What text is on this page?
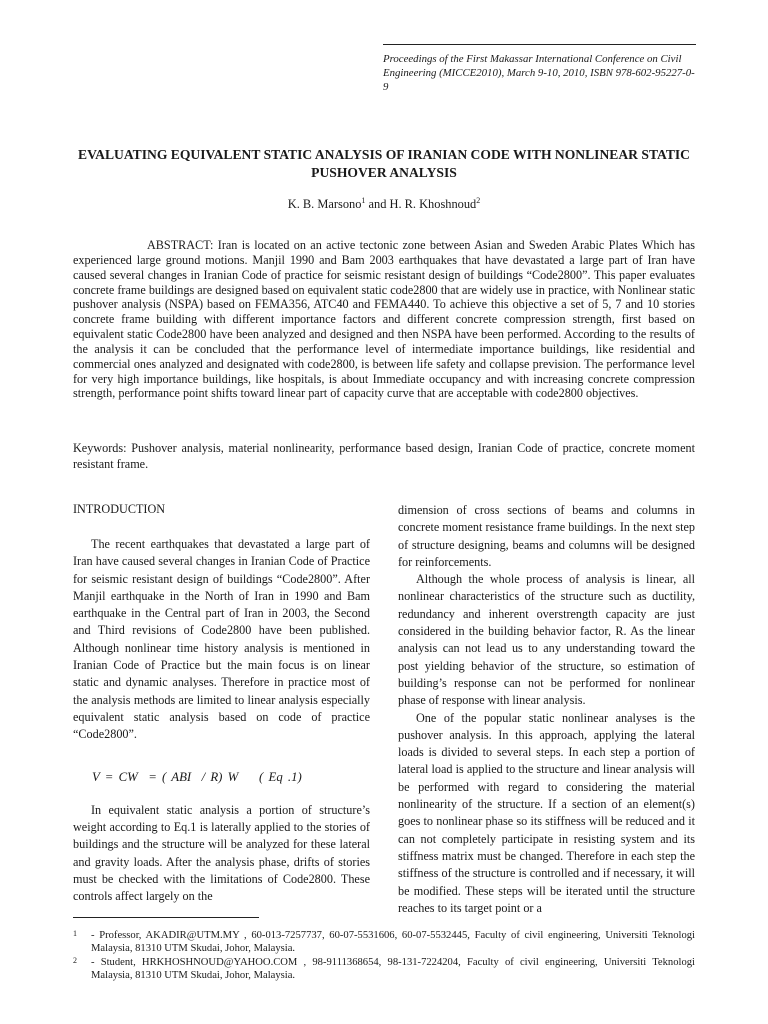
Proceedings of the First Makassar International Conference on Civil Engineering (MICCE2010), March 9-10, 2010, ISBN 978-602-95227-0-9
EVALUATING EQUIVALENT STATIC ANALYSIS OF IRANIAN CODE WITH NONLINEAR STATIC PUSHOVER ANALYSIS
K. B. Marsono$^1$ and H. R. Khoshnoud$^2$
ABSTRACT: Iran is located on an active tectonic zone between Asian and Sweden Arabic Plates Which has experienced large ground motions. Manjil 1990 and Bam 2003 earthquakes that have devastated a large part of Iran have caused several changes in Iranian Code of practice for seismic resistant design of buildings “Code2800”. This paper evaluates concrete frame buildings are designed based on equivalent static code2800 that are widely use in practice, with Nonlinear static pushover analysis (NSPA) based on FEMA356, ATC40 and FEMA440. To achieve this objective a set of 5, 7 and 10 stories concrete frame building with different importance factors and different concrete compression strength, first based on equivalent static Code2800 have been analyzed and designed and then NSPA have been performed. According to the results of the analysis it can be concluded that the performance level of intermediate importance buildings, like residential and commercial ones analyzed and designated with code2800, is between life safety and collapse prevision. The performance level for very high importance buildings, like hospitals, is about Immediate occupancy and with increasing concrete compression strength, performance point shifts toward linear part of capacity curve that are acceptable with code2800 objectives.
Keywords: Pushover analysis, material nonlinearity, performance based design, Iranian Code of practice, concrete moment resistant frame.
INTRODUCTION

The recent earthquakes that devastated a large part of Iran have caused several changes in Iranian Code of Practice for seismic resistant design of buildings “Code2800”. After Manjil earthquake in the North of Iran in 1990 and Bam earthquake in the Central part of Iran in 2003, the Second and Third revisions of Code2800 have been published. Although nonlinear time history analysis is mentioned in Iranian Code of Practice but the main focus is on linear static and dynamic analyses. Therefore in practice most of the analysis methods are limited to linear analysis especially equivalent static analysis based on code of practice “Code2800”.

V = CW  = ( ABI  / R) W    ( Eq .1)
In equivalent static analysis a portion of structure’s weight according to Eq.1 is laterally applied to the stories of buildings and the structure will be analyzed for these lateral and gravity loads. After the analysis phase, drifts of stories must be checked with the limitations of Code2800. These controls affect largely on the

dimension of cross sections of beams and columns in concrete moment resistance frame buildings. In the next step of structure designing, beams and columns will be designed for reinforcements.

Although the whole process of analysis is linear, all nonlinear characteristics of the structure such as ductility, redundancy and inherent overstrength capacity are just considered in the building behavior factor, R. As the linear analysis can not lead us to any understanding toward the post yielding behavior of the structure, so estimation of building’s response can not be performed for nonlinear phase of response with linear analysis.

One of the popular static nonlinear analyses is the pushover analysis. In this approach, applying the lateral loads is divided to several steps. In each step a portion of lateral load is applied to the structure and linear analysis will be performed with regard to considering the material nonlinearity of the structure. If a section of an element(s) goes to nonlinear phase so its stiffness will be reduced and it can not completely participate in resisting system and its stiffness matrix must be changed. Therefore in each step the stiffness of the structure is controlled and if necessary, it will be modified. These steps will be iterated until the structure reaches to its target point or a

1 - Professor, AKADIR@UTM.MY , 60-013-7257737, 60-07-5531606, 60-07-5532445, Faculty of civil engineering, Universiti Teknologi Malaysia, 81310 UTM Skudai, Johor, Malaysia.
2 - Student, HRKHOSHNOUD@YAHOO.COM , 98-9111368654, 98-131-7224204, Faculty of civil engineering, Universiti Teknologi Malaysia, 81310 UTM Skudai, Johor, Malaysia.
